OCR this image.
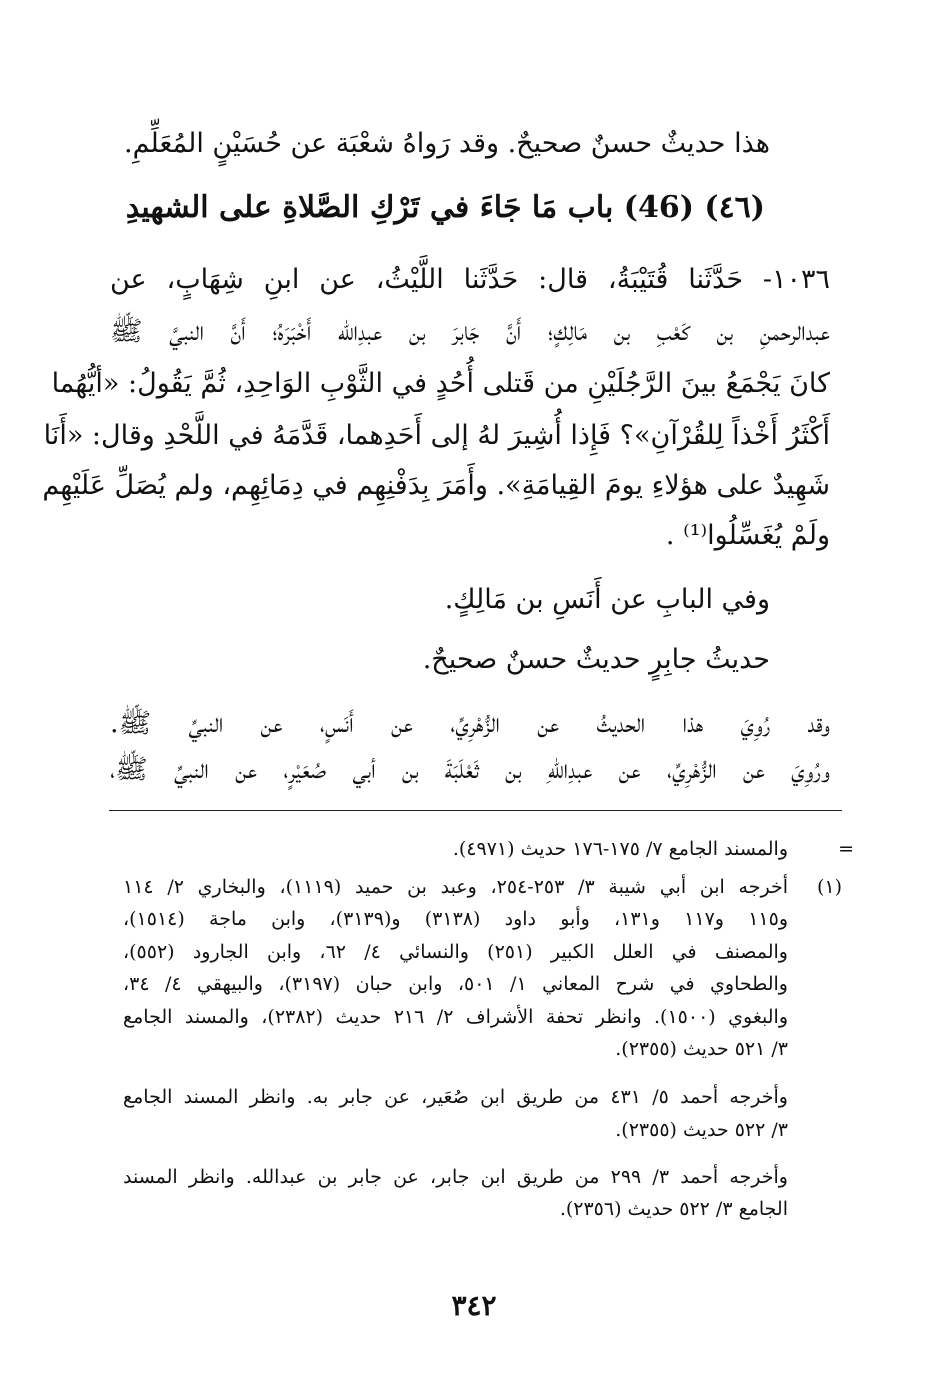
هذا حديثٌ حسنٌ صحيحٌ. وقد رَواهُ شعْبَة عن حُسَيْنٍ المُعَلِّمِ.
(٤٦) (46) باب مَا جَاءَ في تَرْكِ الصَّلاةِ على الشهيدِ
١٠٣٦- حَدَّثَنا قُتَيْبَةُ، قال: حَدَّثَنا اللَّيْثُ، عن ابنِ شِهَابٍ، عن
عبدالرحمنِ بن كَعْبِ بن مَالِكٍ؛ أَنَّ جَابرَ بن عبدِالله أَخْبَرَهُ؛ أَنَّ النبيَّ ﷺ
كانَ يَجْمَعُ بينَ الرَّجُلَيْنِ من قَتلى أُحُدٍ في الثَّوْبِ الوَاحِدِ، ثُمَّ يَقُولُ: «أيُّهُما
أَكْثَرُ أَخْذاً لِلقُرْآنِ»؟ فَإِذا أُشِيرَ لهُ إلى أَحَدِهما، قَدَّمَهُ في اللَّحْدِ وقال: «أَنَا
شَهِيدٌ على هؤلاءِ يومَ القِيامَةِ». وأَمَرَ بِدَفْنِهِم في دِمَائِهِم، ولم يُصَلِّ عَلَيْهِم
ولَمْ يُغَسِّلُوا⁽¹⁾ .
وفي البابِ عن أَنَسِ بن مَالِكٍ.
حديثُ جابِرٍ حديثٌ حسنٌ صحيحٌ.
وقد رُوِيَ هذا الحديثُ عن الزُّهْرِيِّ، عن أَنَسٍ، عن النبيِّ ﷺ.
ورُوِيَ عن الزُّهْرِيِّ، عن عبدِاللهِ بن ثَعْلَبَةَ بن أبي صُعَيْرٍ، عن النبيِّ ﷺ،
=
والمسند الجامع ٧/ ١٧٥-١٧٦ حديث (٤٩٧١).
(١)
أخرجه ابن أبي شيبة ٣/ ٢٥٣-٢٥٤، وعبد بن حميد (١١١٩)، والبخاري ٢/ ١١٤
و١١٥ و١١٧ و١٣١، وأبو داود (٣١٣٨) و(٣١٣٩)، وابن ماجة (١٥١٤)،
والمصنف في العلل الكبير (٢٥١) والنسائي ٤/ ٦٢، وابن الجارود (٥٥٢)،
والطحاوي في شرح المعاني ١/ ٥٠١، وابن حبان (٣١٩٧)، والبيهقي ٤/ ٣٤،
والبغوي (١٥٠٠). وانظر تحفة الأشراف ٢/ ٢١٦ حديث (٢٣٨٢)، والمسند الجامع
٣/ ٥٢١ حديث (٢٣٥٥).
وأخرجه أحمد ٥/ ٤٣١ من طريق ابن صُعَير، عن جابر به. وانظر المسند الجامع
٣/ ٥٢٢ حديث (٢٣٥٥).
وأخرجه أحمد ٣/ ٢٩٩ من طريق ابن جابر، عن جابر بن عبدالله. وانظر المسند
الجامع ٣/ ٥٢٢ حديث (٢٣٥٦).
٣٤٢
